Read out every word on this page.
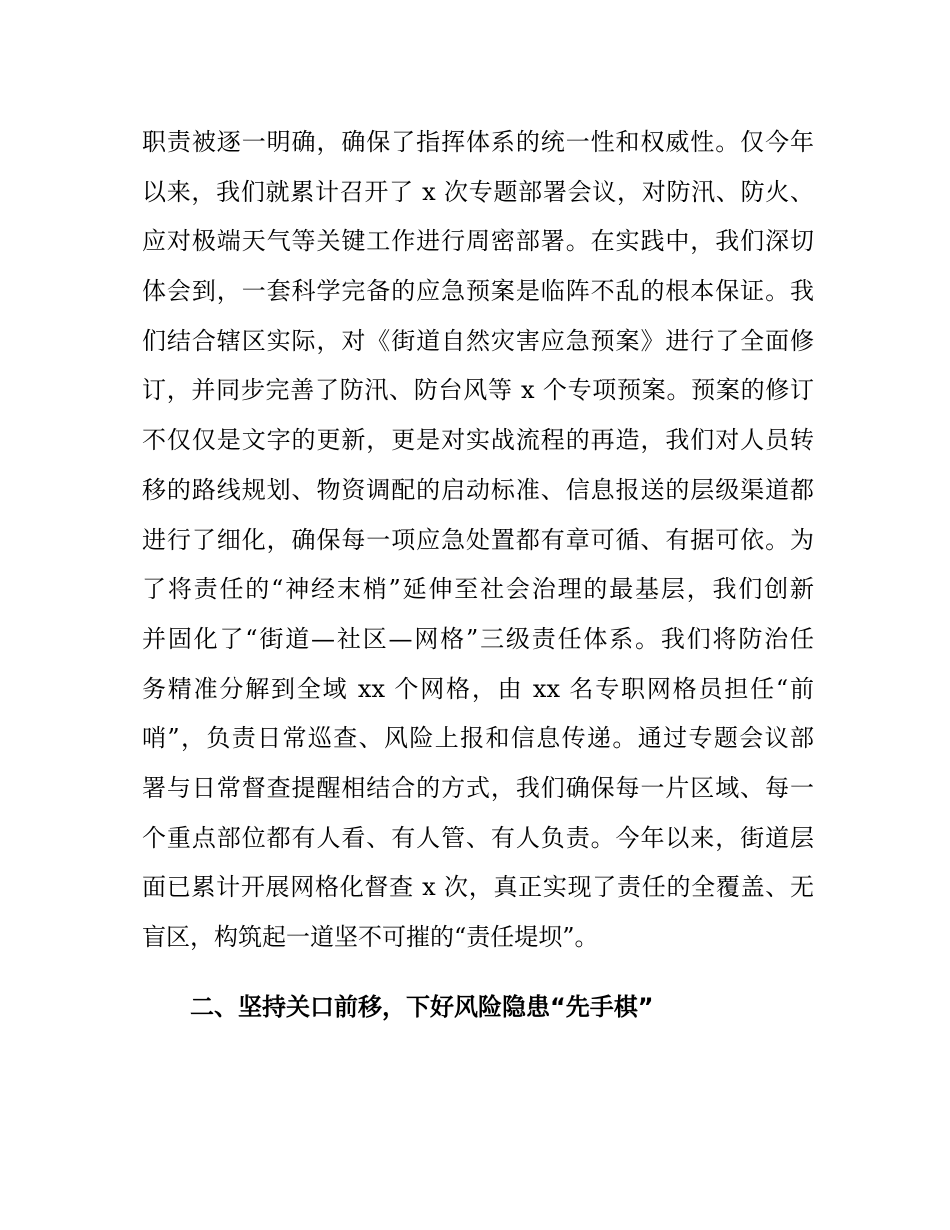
职责被逐一明确，确保了指挥体系的统一性和权威性。仅今年
以来，我们就累计召开了 x 次专题部署会议，对防汛、防火、
应对极端天气等关键工作进行周密部署。在实践中，我们深切
体会到，一套科学完备的应急预案是临阵不乱的根本保证。我
们结合辖区实际，对《街道自然灾害应急预案》进行了全面修
订，并同步完善了防汛、防台风等 x 个专项预案。预案的修订
不仅仅是文字的更新，更是对实战流程的再造，我们对人员转
移的路线规划、物资调配的启动标准、信息报送的层级渠道都
进行了细化，确保每一项应急处置都有章可循、有据可依。为
了将责任的“神经末梢”延伸至社会治理的最基层，我们创新
并固化了“街道—社区—网格”三级责任体系。我们将防治任
务精准分解到全域 xx 个网格，由 xx 名专职网格员担任“前
哨”，负责日常巡查、风险上报和信息传递。通过专题会议部
署与日常督查提醒相结合的方式，我们确保每一片区域、每一
个重点部位都有人看、有人管、有人负责。今年以来，街道层
面已累计开展网格化督查 x 次，真正实现了责任的全覆盖、无
盲区，构筑起一道坚不可摧的“责任堤坝”。
二、坚持关口前移，下好风险隐患“先手棋”
